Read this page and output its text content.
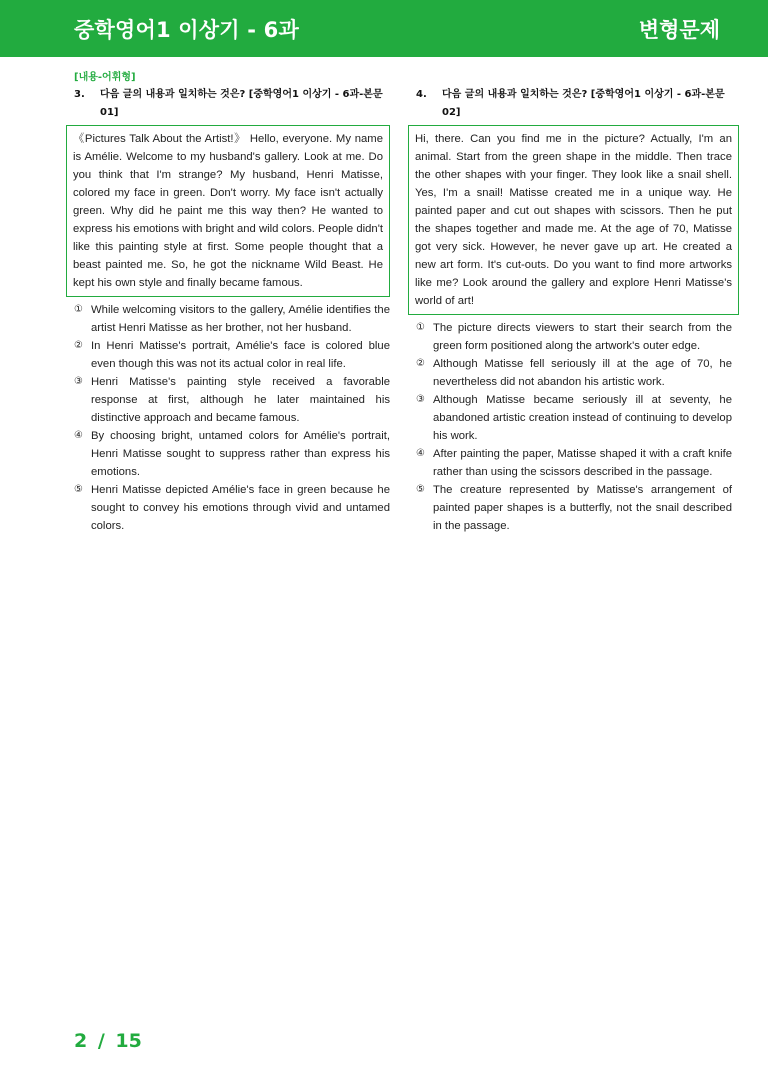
중학영어1 이상기 - 6과	변형문제
[내용-어휘형]
3.	다음 글의 내용과 일치하는 것은? [중학영어1 이상기 - 6과-본문 01]
《Pictures Talk About the Artist!》 Hello, everyone. My name is Amélie. Welcome to my husband's gallery. Look at me. Do you think that I'm strange? My husband, Henri Matisse, colored my face in green. Don't worry. My face isn't actually green. Why did he paint me this way then? He wanted to express his emotions with bright and wild colors. People didn't like this painting style at first. Some people thought that a beast painted me. So, he got the nickname Wild Beast. He kept his own style and finally became famous.
① While welcoming visitors to the gallery, Amélie identifies the artist Henri Matisse as her brother, not her husband.
② In Henri Matisse's portrait, Amélie's face is colored blue even though this was not its actual color in real life.
③ Henri Matisse's painting style received a favorable response at first, although he later maintained his distinctive approach and became famous.
④ By choosing bright, untamed colors for Amélie's portrait, Henri Matisse sought to suppress rather than express his emotions.
⑤ Henri Matisse depicted Amélie's face in green because he sought to convey his emotions through vivid and untamed colors.
4.	다음 글의 내용과 일치하는 것은? [중학영어1 이상기 - 6과-본문 02]
Hi, there. Can you find me in the picture? Actually, I'm an animal. Start from the green shape in the middle. Then trace the other shapes with your finger. They look like a snail shell. Yes, I'm a snail! Matisse created me in a unique way. He painted paper and cut out shapes with scissors. Then he put the shapes together and made me. At the age of 70, Matisse got very sick. However, he never gave up art. He created a new art form. It's cut-outs. Do you want to find more artworks like me? Look around the gallery and explore Henri Matisse's world of art!
① The picture directs viewers to start their search from the green form positioned along the artwork's outer edge.
② Although Matisse fell seriously ill at the age of 70, he nevertheless did not abandon his artistic work.
③ Although Matisse became seriously ill at seventy, he abandoned artistic creation instead of continuing to develop his work.
④ After painting the paper, Matisse shaped it with a craft knife rather than using the scissors described in the passage.
⑤ The creature represented by Matisse's arrangement of painted paper shapes is a butterfly, not the snail described in the passage.
2 / 15
